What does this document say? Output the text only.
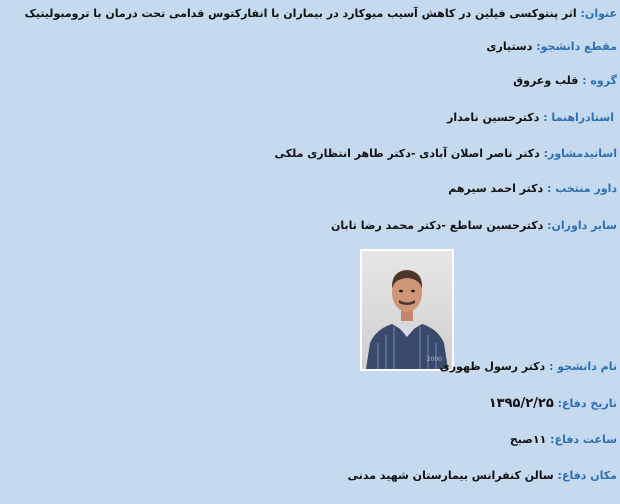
عنوان: اثر پنتوکسی فیلین در کاهش آسیب میوکارد در بیماران با انفارکتوس قدامی تحت درمان با ترومبولیتیک
مقطع دانشجو: دستیاری
گروه : قلب وعروق
استادراهنما : دکترحسین نامدار
اساتیدمشاور: دکتر ناصر اصلان آبادی -دکتر طاهر انتظاری ملکی
داور منتخب : دکتر احمد سیرهم
سایر داوران: دکترحسین ساطع -دکتر محمد رضا تابان
2000
نام دانشجو : دکتر رسول ظهوری
تاریخ دفاع: ۱۳۹۵/۲/۲۵
ساعت دفاع: ۱۱صبح
مکان دفاع: سالن کنفرانس بیمارستان شهید مدنی
